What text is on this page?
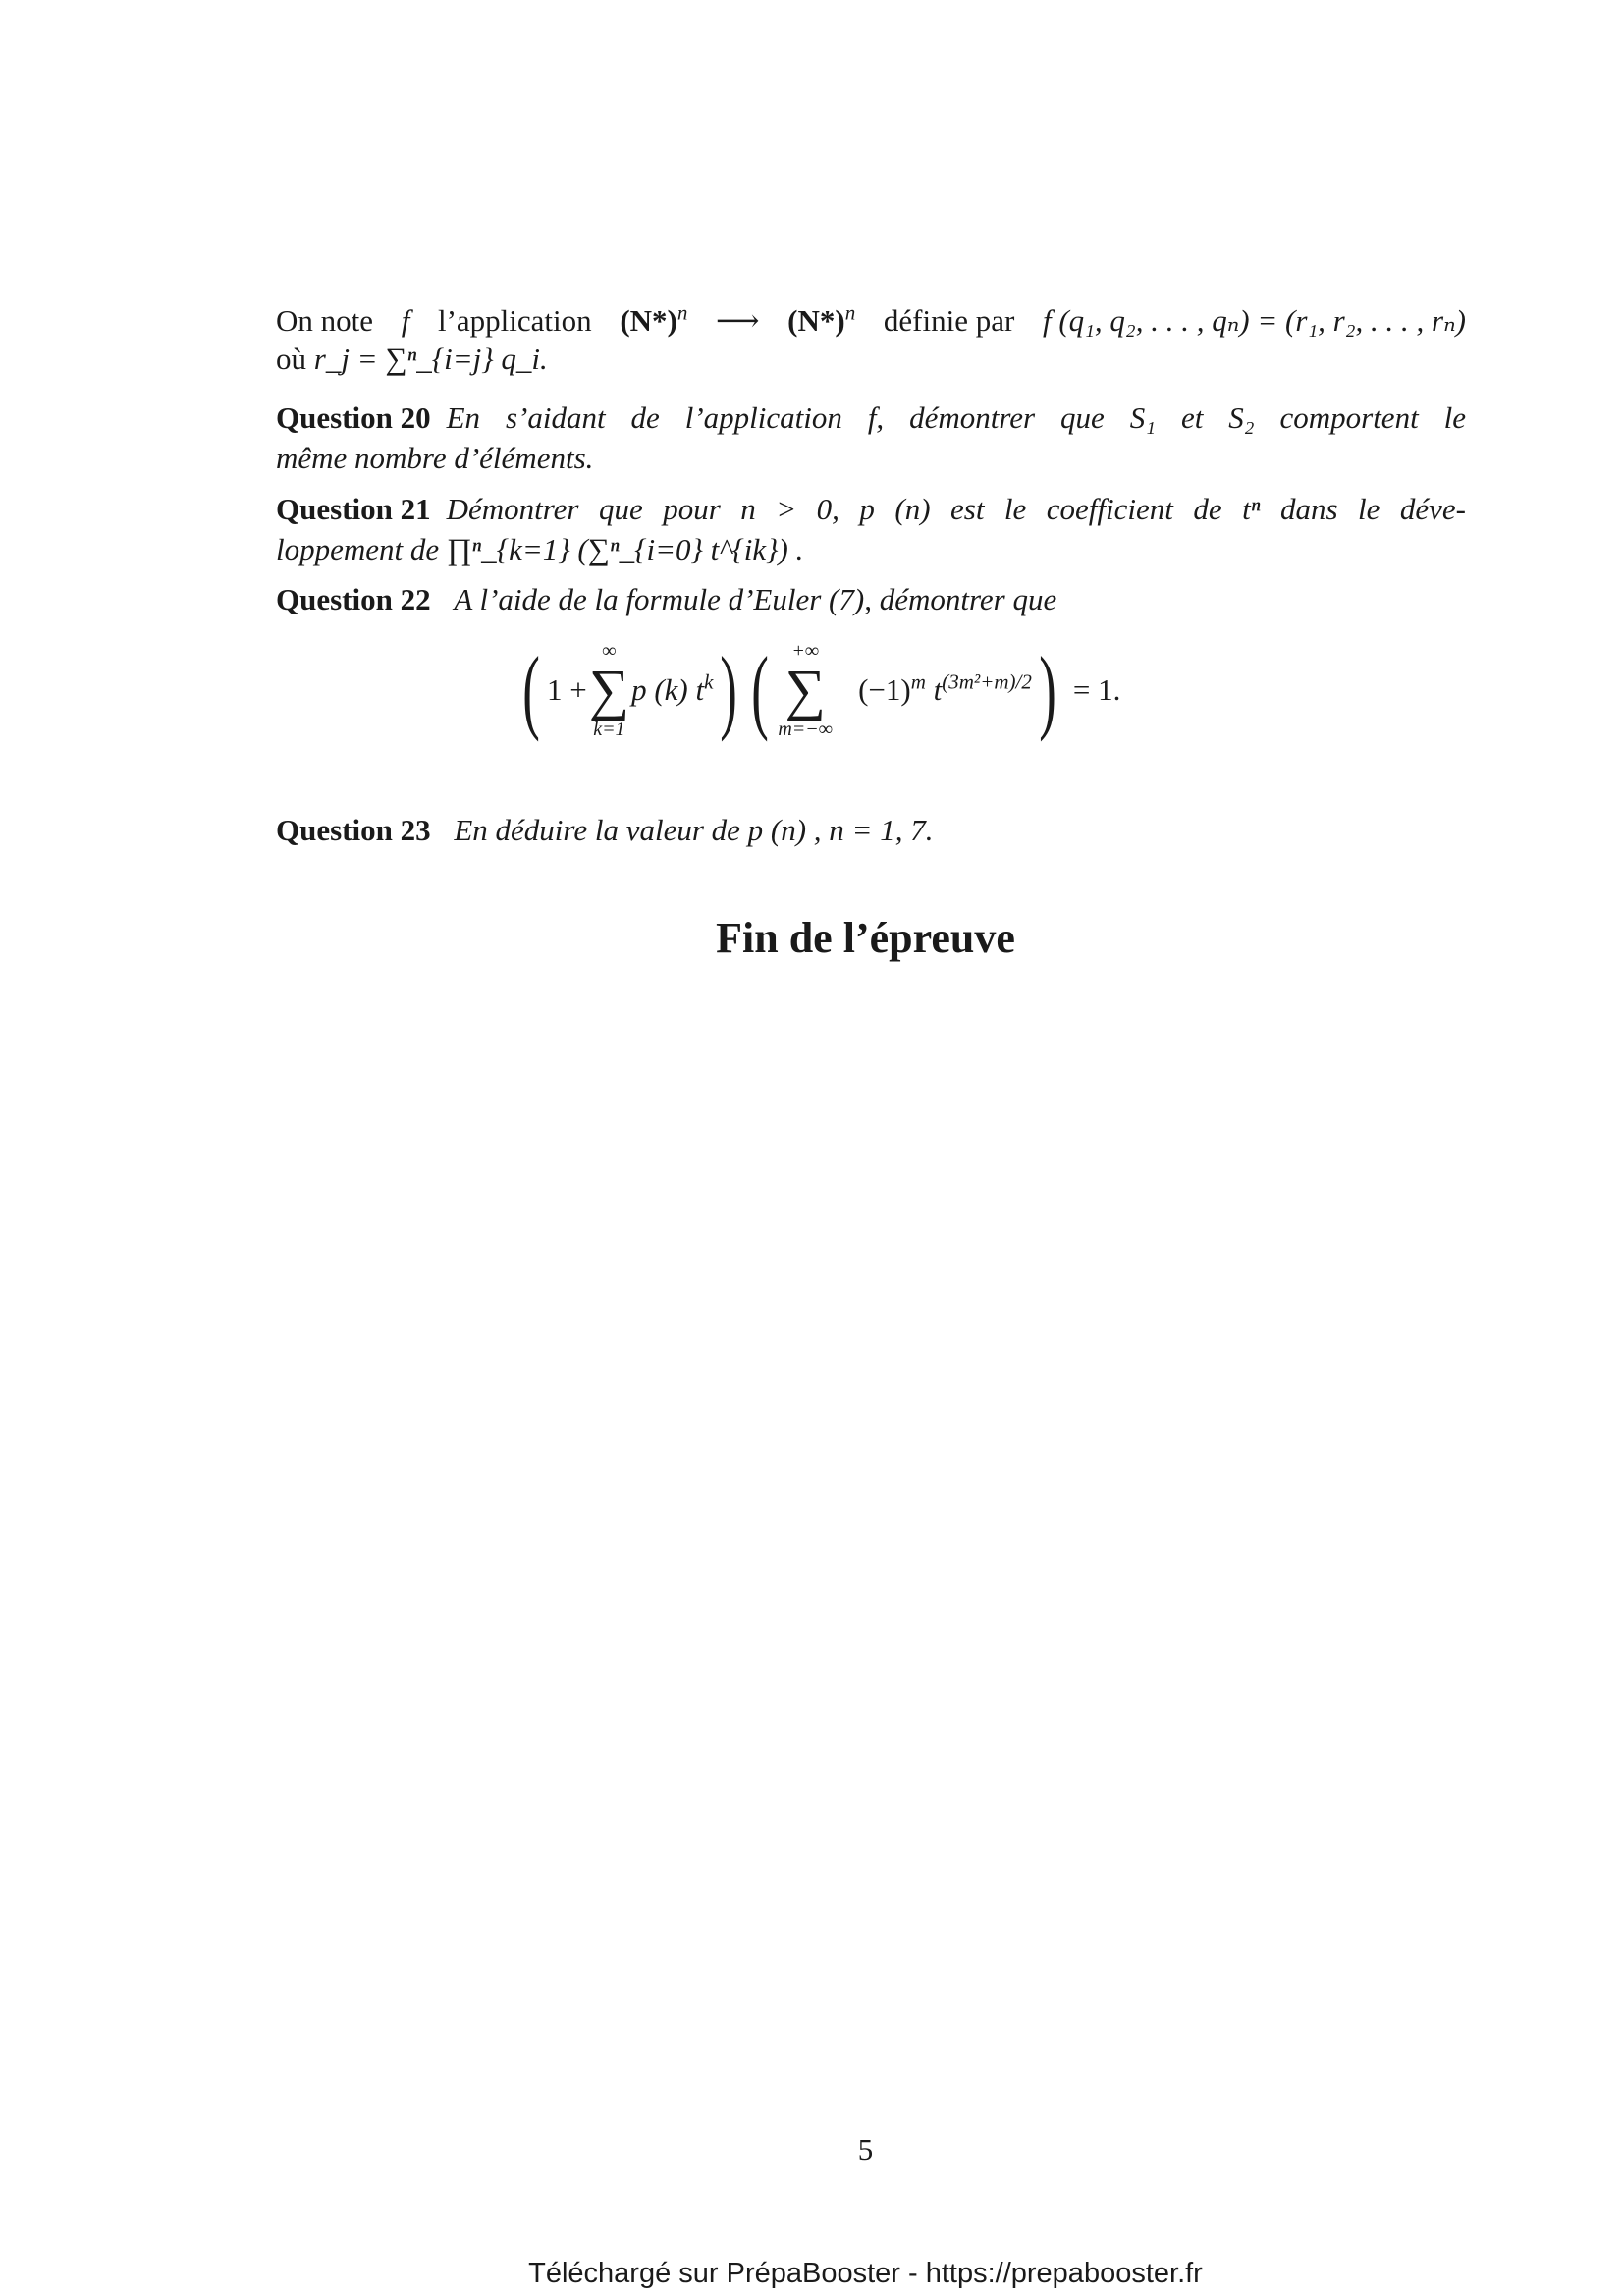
On note f l’application $(N*)^n$ ⟶ $(N*)^n$ définie par f (q₁, q₂, . . . , qₙ) = (r₁, r₂, . . . , rₙ)
où r_j = ∑ⁿ_{i=j} q_i.
Question 20 En s’aidant de l’application f, démontrer que S₁ et S₂ comportent le
même nombre d’éléments.
Question 21 Démontrer que pour n > 0, p (n) est le coefficient de tⁿ dans le déve-
loppement de ∏ⁿ_{k=1} (∑ⁿ_{i=0} t^{ik}) .
Question 22 A l’aide de la formule d’Euler (7), démontrer que
( 1 +
∞
∑
k=1
p (k) $t^k$ ) (	+∞
∑
m=−∞
$(-1)^m$ $t^{(3m^2+m)/2}$ ) = 1.
Question 23 En déduire la valeur de p (n) , n = 1, 7.
Fin de l’épreuve
5
Téléchargé sur PrépaBooster - https://prepabooster.fr
